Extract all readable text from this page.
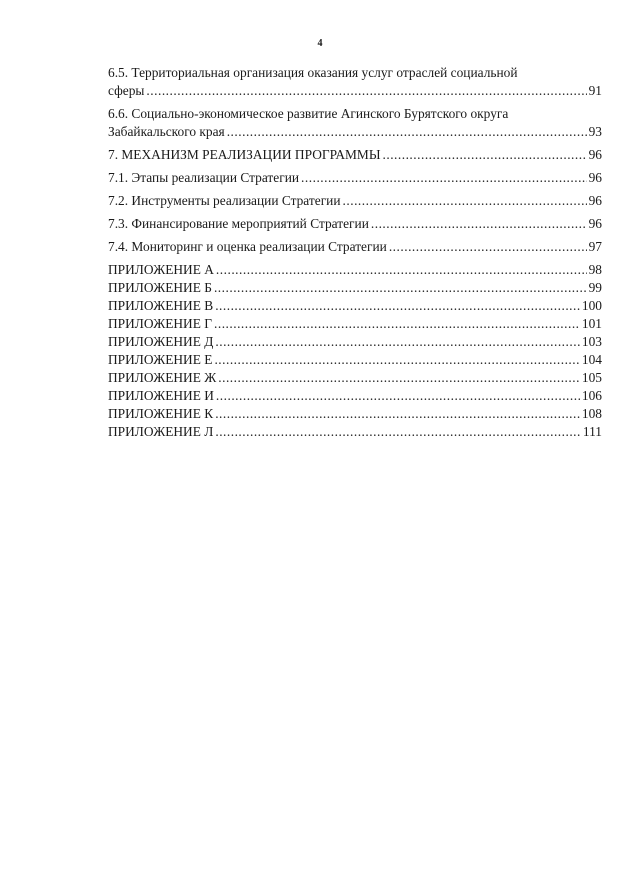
4
6.5. Территориальная организация оказания услуг отраслей социальной
сферы .....	91
6.6. Социально-экономическое развитие Агинского Бурятского округа
Забайкальского края .....	93
7. МЕХАНИЗМ РЕАЛИЗАЦИИ ПРОГРАММЫ .....	96
7.1. Этапы реализации Стратегии .....	96
7.2. Инструменты реализации Стратегии .....	96
7.3. Финансирование мероприятий Стратегии .....	96
7.4. Мониторинг и оценка реализации Стратегии .....	97
ПРИЛОЖЕНИЕ А .....	98
ПРИЛОЖЕНИЕ Б .....	99
ПРИЛОЖЕНИЕ В .....	100
ПРИЛОЖЕНИЕ Г .....	101
ПРИЛОЖЕНИЕ Д .....	103
ПРИЛОЖЕНИЕ Е .....	104
ПРИЛОЖЕНИЕ Ж .....	105
ПРИЛОЖЕНИЕ И .....	106
ПРИЛОЖЕНИЕ К .....	108
ПРИЛОЖЕНИЕ Л .....	111
